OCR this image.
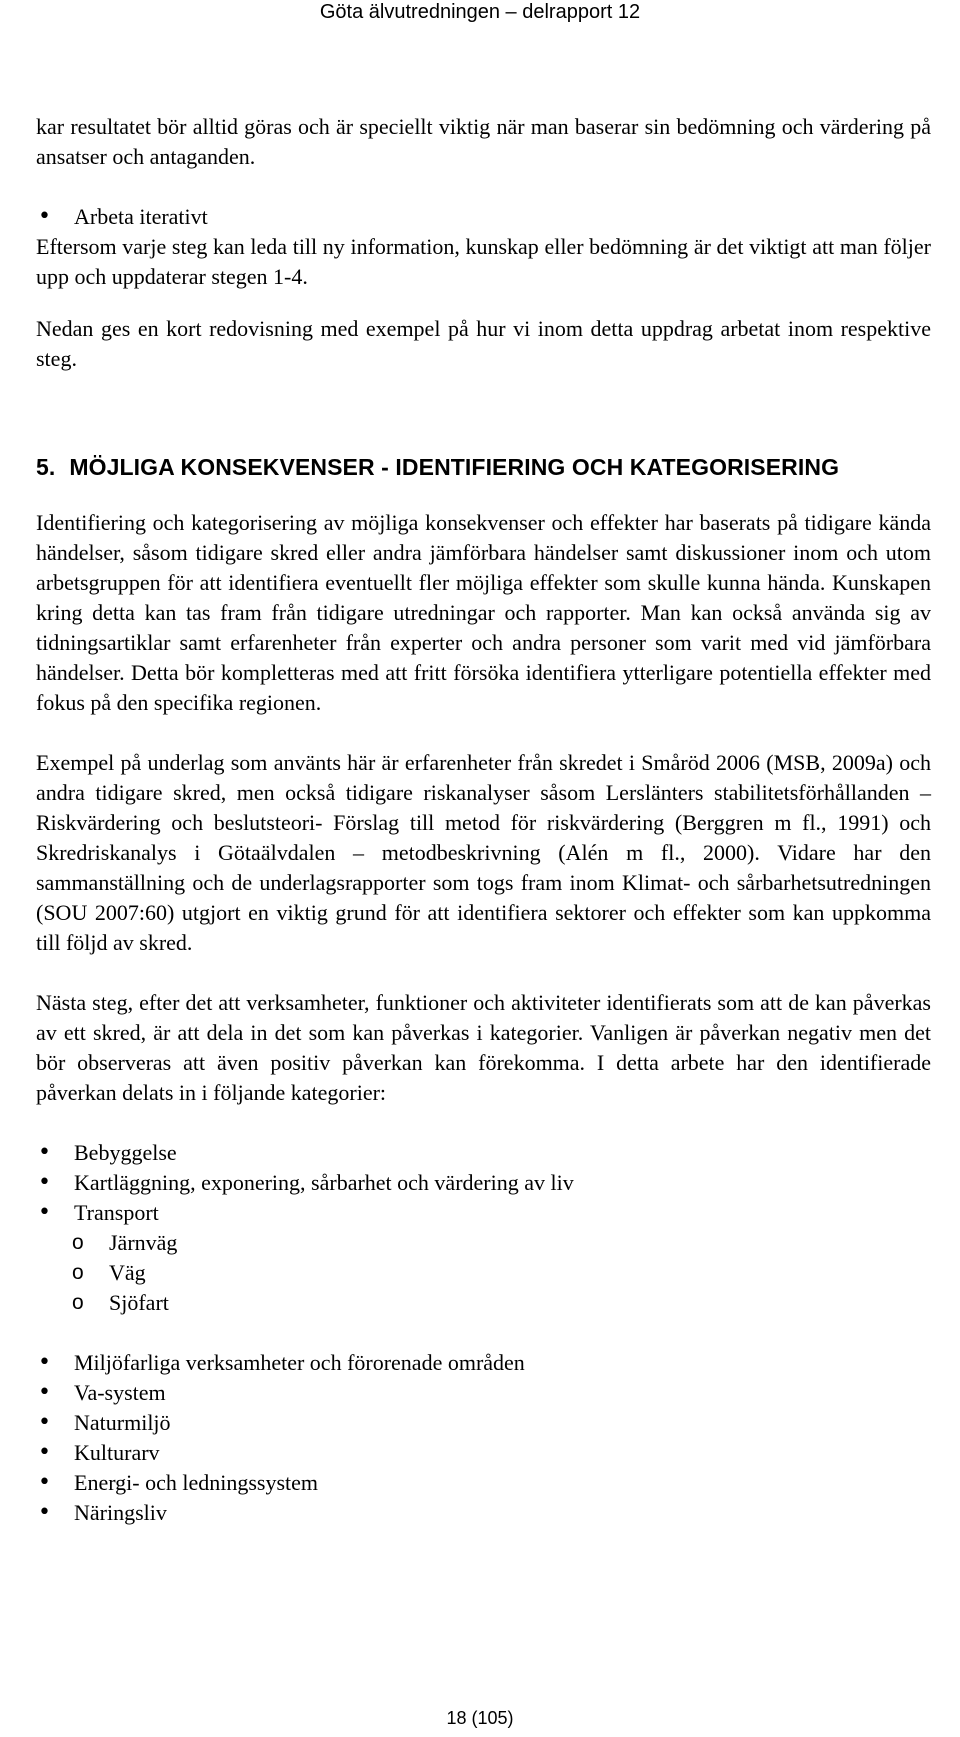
Göta älvutredningen – delrapport 12

kar resultatet bör alltid göras och är speciellt viktig när man baserar sin bedömning och värdering på ansatser och antaganden.

• Arbeta iterativt

Eftersom varje steg kan leda till ny information, kunskap eller bedömning är det viktigt att man följer upp och uppdaterar stegen 1-4.

Nedan ges en kort redovisning med exempel på hur vi inom detta uppdrag arbetat inom respektive steg.

5. MÖJLIGA KONSEKVENSER - IDENTIFIERING OCH KATEGORISERING

Identifiering och kategorisering av möjliga konsekvenser och effekter har baserats på tidigare kända händelser, såsom tidigare skred eller andra jämförbara händelser samt diskussioner inom och utom arbetsgruppen för att identifiera eventuellt fler möjliga effekter som skulle kunna hända. Kunskapen kring detta kan tas fram från tidigare utredningar och rapporter. Man kan också använda sig av tidningsartiklar samt erfarenheter från experter och andra personer som varit med vid jämförbara händelser. Detta bör kompletteras med att fritt försöka identifiera ytterligare potentiella effekter med fokus på den specifika regionen.

Exempel på underlag som använts här är erfarenheter från skredet i Småröd 2006 (MSB, 2009a) och andra tidigare skred, men också tidigare riskanalyser såsom Lerslänters stabilitetsförhållanden – Riskvärdering och beslutsteori- Förslag till metod för riskvärdering (Berggren m fl., 1991) och Skredriskanalys i Götaälvdalen – metodbeskrivning (Alén m fl., 2000). Vidare har den sammanställning och de underlagsrapporter som togs fram inom Klimat- och sårbarhetsutredningen (SOU 2007:60) utgjort en viktig grund för att identifiera sektorer och effekter som kan uppkomma till följd av skred.

Nästa steg, efter det att verksamheter, funktioner och aktiviteter identifierats som att de kan påverkas av ett skred, är att dela in det som kan påverkas i kategorier. Vanligen är påverkan negativ men det bör observeras att även positiv påverkan kan förekomma. I detta arbete har den identifierade påverkan delats in i följande kategorier:

• Bebyggelse
• Kartläggning, exponering, sårbarhet och värdering av liv
• Transport
o Järnväg
o Väg
o Sjöfart
• Miljöfarliga verksamheter och förorenade områden
• Va-system
• Naturmiljö
• Kulturarv
• Energi- och ledningssystem
• Näringsliv
18 (105)
